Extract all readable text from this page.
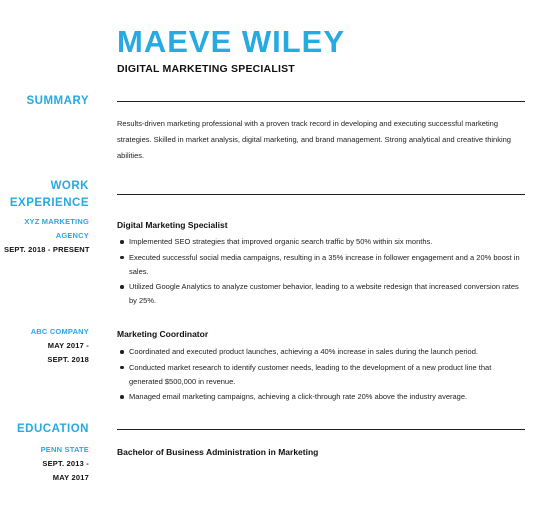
MAEVE WILEY
DIGITAL MARKETING SPECIALIST
SUMMARY
Results-driven marketing professional with a proven track record in developing and executing successful marketing strategies. Skilled in market analysis, digital marketing, and brand management. Strong analytical and creative thinking abilities.
WORK
EXPERIENCE
XYZ MARKETING
AGENCY
SEPT. 2018 - PRESENT
Digital Marketing Specialist
Implemented SEO strategies that improved organic search traffic by 50% within six months.
Executed successful social media campaigns, resulting in a 35% increase in follower engagement and a 20% boost in sales.
Utilized Google Analytics to analyze customer behavior, leading to a website redesign that increased conversion rates by 25%.
ABC COMPANY
MAY 2017 -
SEPT. 2018
Marketing Coordinator
Coordinated and executed product launches, achieving a 40% increase in sales during the launch period.
Conducted market research to identify customer needs, leading to the development of a new product line that generated $500,000 in revenue.
Managed email marketing campaigns, achieving a click-through rate 20% above the industry average.
EDUCATION
PENN STATE
SEPT. 2013 -
MAY 2017
Bachelor of Business Administration in Marketing
